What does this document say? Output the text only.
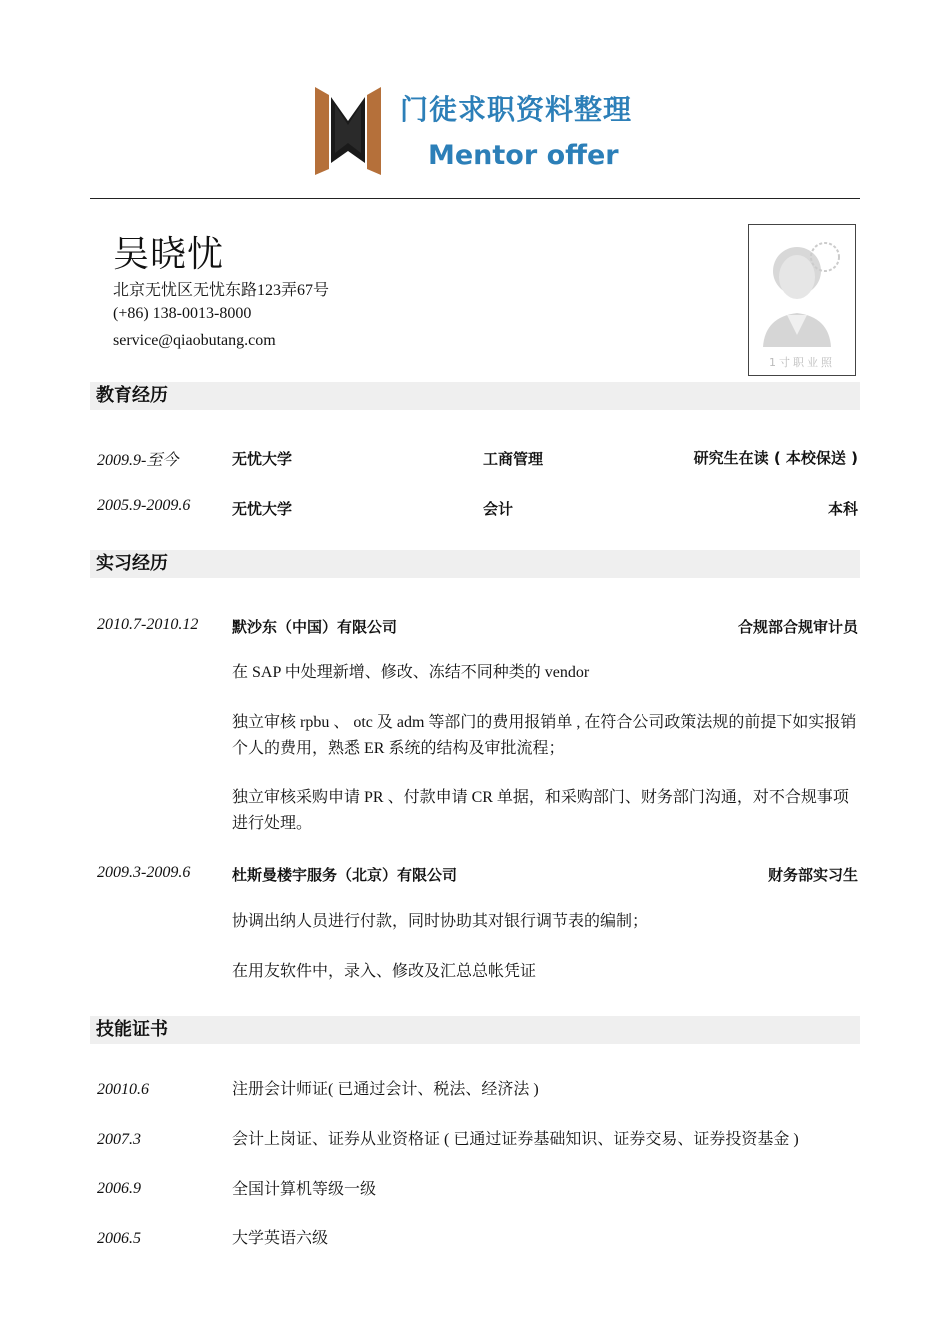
门徒求职资料整理
Mentor offer
吴晓忧
北京无忧区无忧东路123弄67号
(+86) 138-0013-8000
service@qiaobutang.com
1寸职业照
教育经历
2009.9-至今	无忧大学	工商管理	研究生在读 ( 本校保送 )
2005.9-2009.6	无忧大学	会计	本科
实习经历
2010.7-2010.12 默沙东（中国）有限公司	合规部合规审计员
在 SAP 中处理新增、修改、冻结不同种类的 vendor
独立审核 rpbu 、 otc 及 adm 等部门的费用报销单 , 在符合公司政策法规的前提下如实报销个人的费用，熟悉 ER 系统的结构及审批流程；
独立审核采购申请 PR 、付款申请 CR 单据，和采购部门、财务部门沟通，对不合规事项进行处理。
2009.3-2009.6	杜斯曼楼宇服务（北京）有限公司	财务部实习生
协调出纳人员进行付款，同时协助其对银行调节表的编制；
在用友软件中，录入、修改及汇总总帐凭证
技能证书
20010.6	注册会计师证( 已通过会计、税法、经济法 )
2007.3	会计上岗证、证券从业资格证 ( 已通过证券基础知识、证券交易、证券投资基金 )
2006.9	全国计算机等级一级
2006.5	大学英语六级
